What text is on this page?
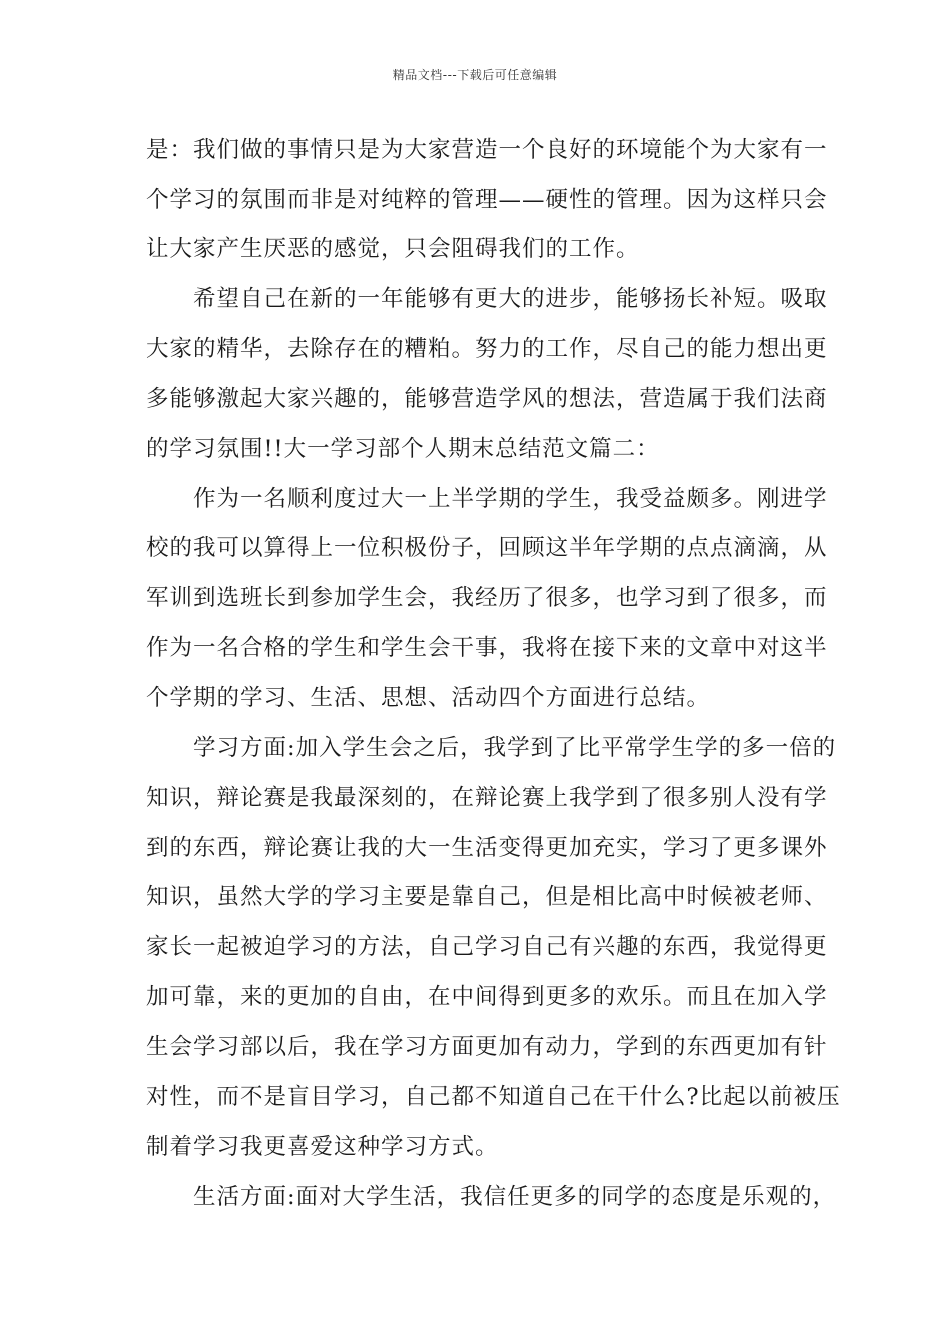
精品文档---下载后可任意编辑
是：我们做的事情只是为大家营造一个良好的环境能个为大家有一
个学习的氛围而非是对纯粹的管理——硬性的管理。因为这样只会
让大家产生厌恶的感觉，只会阻碍我们的工作。
　　希望自己在新的一年能够有更大的进步，能够扬长补短。吸取
大家的精华，去除存在的糟粕。努力的工作，尽自己的能力想出更
多能够激起大家兴趣的，能够营造学风的想法，营造属于我们法商
的学习氛围!!大一学习部个人期末总结范文篇二：
　　作为一名顺利度过大一上半学期的学生，我受益颇多。刚进学
校的我可以算得上一位积极份子，回顾这半年学期的点点滴滴，从
军训到选班长到参加学生会，我经历了很多，也学习到了很多，而
作为一名合格的学生和学生会干事，我将在接下来的文章中对这半
个学期的学习、生活、思想、活动四个方面进行总结。
　　学习方面:加入学生会之后，我学到了比平常学生学的多一倍的
知识，辩论赛是我最深刻的，在辩论赛上我学到了很多别人没有学
到的东西，辩论赛让我的大一生活变得更加充实，学习了更多课外
知识，虽然大学的学习主要是靠自己，但是相比高中时候被老师、
家长一起被迫学习的方法，自己学习自己有兴趣的东西，我觉得更
加可靠，来的更加的自由，在中间得到更多的欢乐。而且在加入学
生会学习部以后，我在学习方面更加有动力，学到的东西更加有针
对性，而不是盲目学习，自己都不知道自己在干什么?比起以前被压
制着学习我更喜爱这种学习方式。
　　生活方面:面对大学生活，我信任更多的同学的态度是乐观的，
